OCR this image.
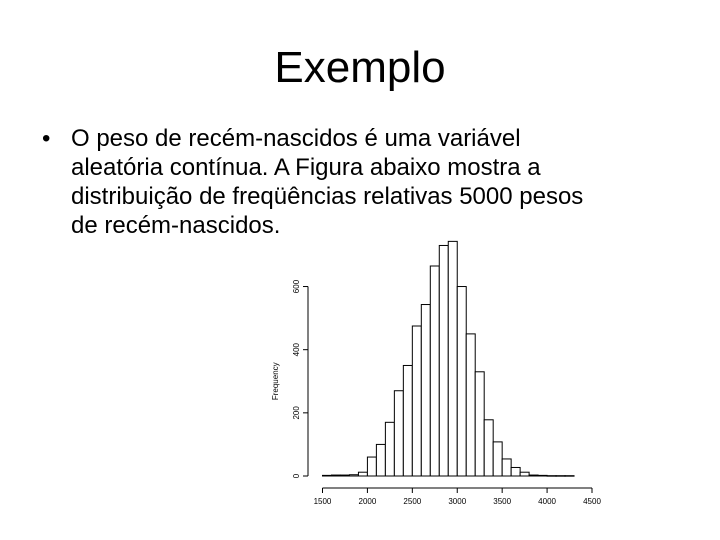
Exemplo
• O peso de recém-nascidos é uma variável
aleatória contínua. A Figura abaixo mostra a
distribuição de freqüências relativas 5000 pesos
de recém-nascidos.
0
200
400
600
1500	2000	2500	3000	3500	4000	4500
Frequency
